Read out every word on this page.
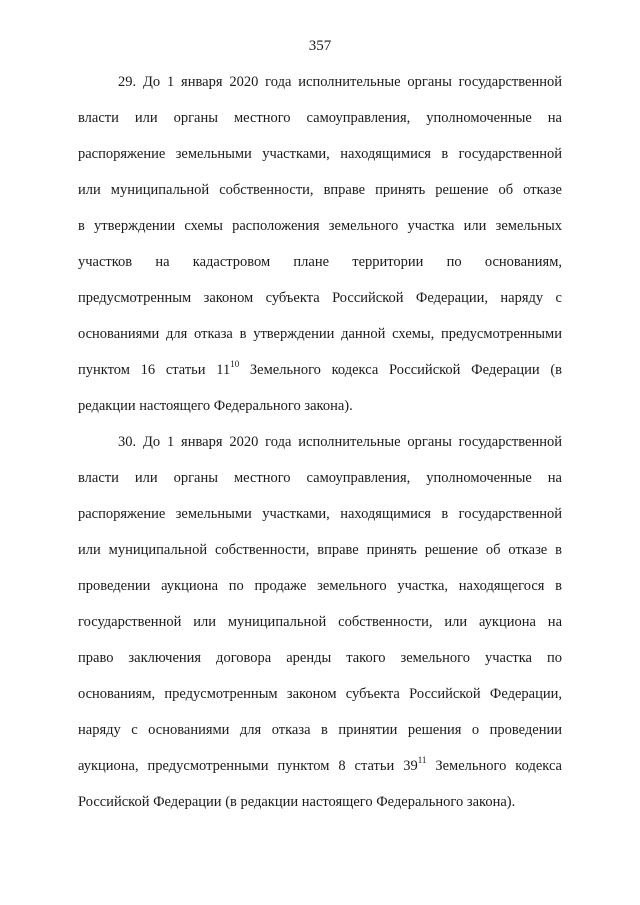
357
29. До 1 января 2020 года исполнительные органы государственной
власти или органы местного самоуправления, уполномоченные на
распоряжение земельными участками, находящимися в государственной
или муниципальной собственности, вправе принять решение об отказе
в утверждении схемы расположения земельного участка или земельных
участков на кадастровом плане территории по основаниям,
предусмотренным законом субъекта Российской Федерации, наряду с
основаниями для отказа в утверждении данной схемы, предусмотренными
пунктом 16 статьи $11^{10}$ Земельного кодекса Российской Федерации (в
редакции настоящего Федерального закона).
30. До 1 января 2020 года исполнительные органы государственной
власти или органы местного самоуправления, уполномоченные на
распоряжение земельными участками, находящимися в государственной
или муниципальной собственности, вправе принять решение об отказе в
проведении аукциона по продаже земельного участка, находящегося в
государственной или муниципальной собственности, или аукциона на
право заключения договора аренды такого земельного участка по
основаниям, предусмотренным законом субъекта Российской Федерации,
наряду с основаниями для отказа в принятии решения о проведении
аукциона, предусмотренными пунктом 8 статьи $39^{11}$ Земельного кодекса
Российской Федерации (в редакции настоящего Федерального закона).
